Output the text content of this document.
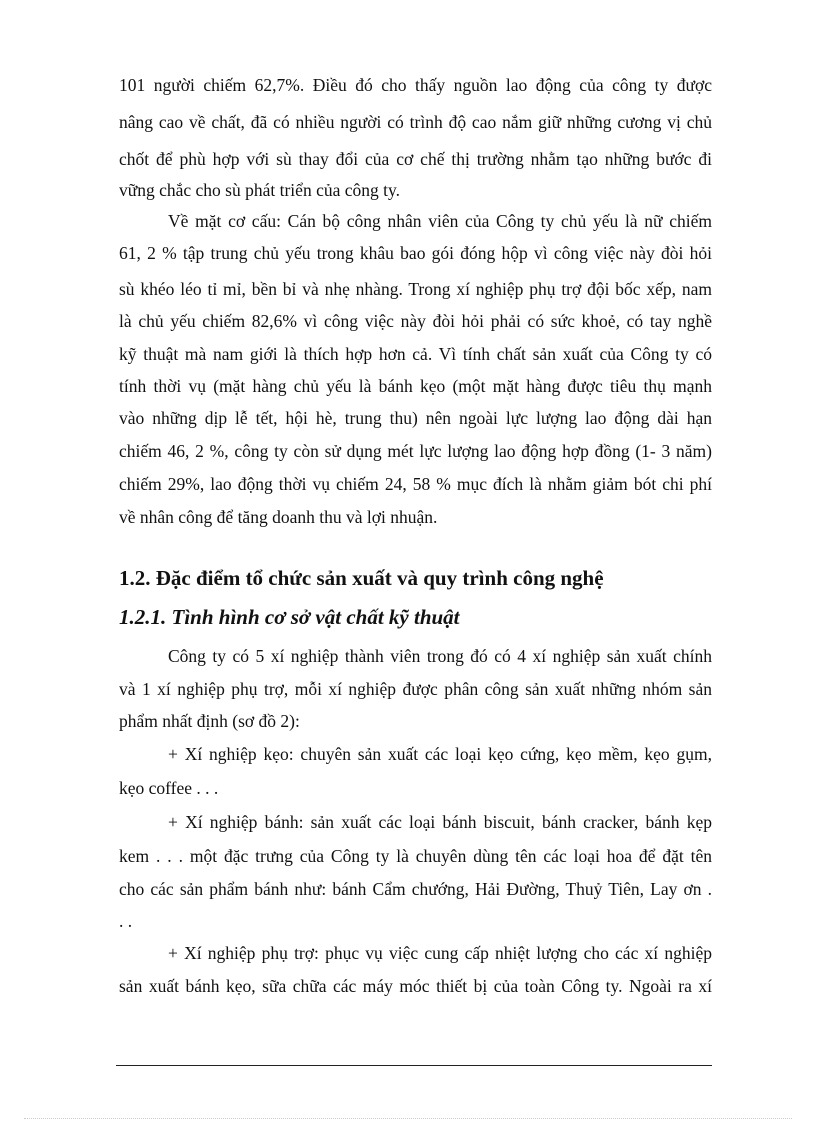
101 người chiếm 62,7%. Điều đó cho thấy nguồn lao động của công ty được
nâng cao về chất, đã có nhiều người có trình độ cao nắm giữ những cương vị chủ
chốt để phù hợp với sù thay đổi của cơ chế thị trường nhằm tạo những bước đi
vững chắc cho sù phát triển của công ty.
Về mặt cơ cấu: Cán bộ công nhân viên của Công ty chủ yếu là nữ chiếm
61, 2 % tập trung chủ yếu trong khâu bao gói đóng hộp vì công việc này đòi hỏi
sù khéo léo tỉ mỉ, bền bỉ và nhẹ nhàng. Trong xí nghiệp phụ trợ đội bốc xếp, nam
là chủ yếu chiếm 82,6% vì công việc này đòi hỏi phải có sức khoẻ, có tay nghề
kỹ thuật mà nam giới là thích hợp hơn cả. Vì tính chất sản xuất của Công ty có
tính thời vụ (mặt hàng chủ yếu là bánh kẹo (một mặt hàng được tiêu thụ mạnh
vào những dịp lễ tết, hội hè, trung thu) nên ngoài lực lượng lao động dài hạn
chiếm 46, 2 %, công ty còn sử dụng mét lực lượng lao động hợp đồng (1- 3 năm)
chiếm 29%, lao động thời vụ chiếm 24, 58 % mục đích là nhằm giảm bót chi phí
về nhân công để tăng doanh thu và lợi nhuận.
1.2. Đặc điểm tổ chức sản xuất và quy trình công nghệ
1.2.1. Tình hình cơ sở vật chất kỹ thuật
Công ty có 5 xí nghiệp thành viên trong đó có 4 xí nghiệp sản xuất chính
và 1 xí nghiệp phụ trợ, mỗi xí nghiệp được phân công sản xuất những nhóm sản
phẩm nhất định (sơ đồ 2):
+ Xí nghiệp kẹo: chuyên sản xuất các loại kẹo cứng, kẹo mềm, kẹo gụm,
kẹo coffee . . .
+ Xí nghiệp bánh: sản xuất các loại bánh biscuit, bánh cracker, bánh kẹp
kem . . . một đặc trưng của Công ty là chuyên dùng tên các loại hoa để đặt tên
cho các sản phẩm bánh như: bánh Cẩm chướng, Hải Đường, Thuỷ Tiên, Lay ơn .
. .
+ Xí nghiệp phụ trợ: phục vụ việc cung cấp nhiệt lượng cho các xí nghiệp
sản xuất bánh kẹo, sữa chữa các máy móc thiết bị của toàn Công ty. Ngoài ra xí
